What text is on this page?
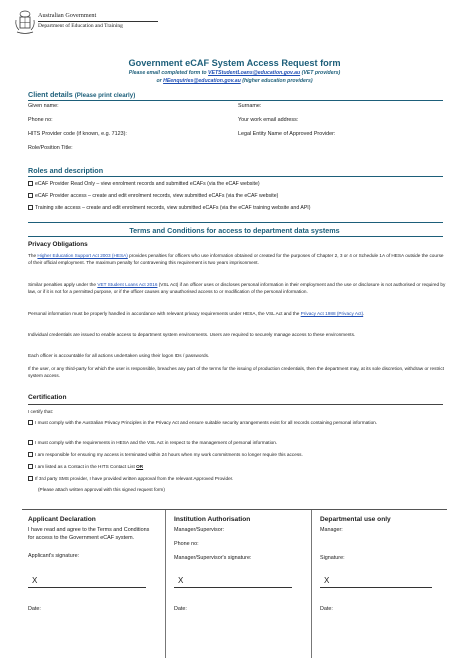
Australian Government
Department of Education and Training
Government eCAF System Access Request form
Please email completed form to VETStudentLoans@education.gov.au (VET providers)
or HEenquiries@education.gov.au (higher education providers)
Client details (Please print clearly)
Given name:	Surname:
Phone no:	Your work email address:
HITS Provider code (if known, e.g. 7123):	Legal Entity Name of Approved Provider:
Role/Position Title:
Roles and description
eCAF Provider Read Only – view enrolment records and submitted eCAFs (via the eCAF website)
eCAF Provider access – create and edit enrolment records, view submitted eCAFs (via the eCAF website)
Training site access – create and edit enrolment records, view submitted eCAFs (via the eCAF training website and API)
Terms and Conditions for access to department data systems
Privacy Obligations
The Higher Education Support Act 2003 (HESA) provides penalties for officers who use information obtained or created for the purposes of Chapter 2, 3 or 4 or Schedule 1A of HESA outside the course of their official employment. The maximum penalty for contravening this requirement is two years imprisonment.
Similar penalties apply under the VET Student Loans Act 2016 (VSL Act) if an officer uses or discloses personal information in their employment and the use or disclosure is not authorised or required by law, or if it is not for a permitted purpose, or if the officer causes any unauthorised access to or modification of the personal information.
Personal information must be properly handled in accordance with relevant privacy requirements under HESA, the VSL Act and the Privacy Act 1988 (Privacy Act).
Individual credentials are issued to enable access to department system environments. Users are required to securely manage access to these environments.
Each officer is accountable for all actions undertaken using their logon IDs / passwords.
If the user, or any third-party for which the user is responsible, breaches any part of the terms for the issuing of production credentials, then the department may, at its sole discretion, withdraw or restrict system access.
Certification
I certify that:
I must comply with the Australian Privacy Principles in the Privacy Act and ensure suitable security arrangements exist for all records containing personal information.
I must comply with the requirements in HESA and the VSL Act in respect to the management of personal information.
I am responsible for ensuring my access is terminated within 24 hours when my work commitments no longer require this access.
I am listed as a Contact in the HITS Contact List OR
If 3rd party SMS provider, I have provided written approval from the relevant Approved Provider.
(Please attach written approval with this signed request form)
Applicant Declaration
I have read and agree to the Terms and Conditions for access to the Government eCAF system.
Applicant's signature:
X
Date:
Institution Authorisation
Manager/Supervisor:
Phone no:
Manager/Supervisor's signature:
X
Date:
Departmental use only
Manager:
Signature:
X
Date:
